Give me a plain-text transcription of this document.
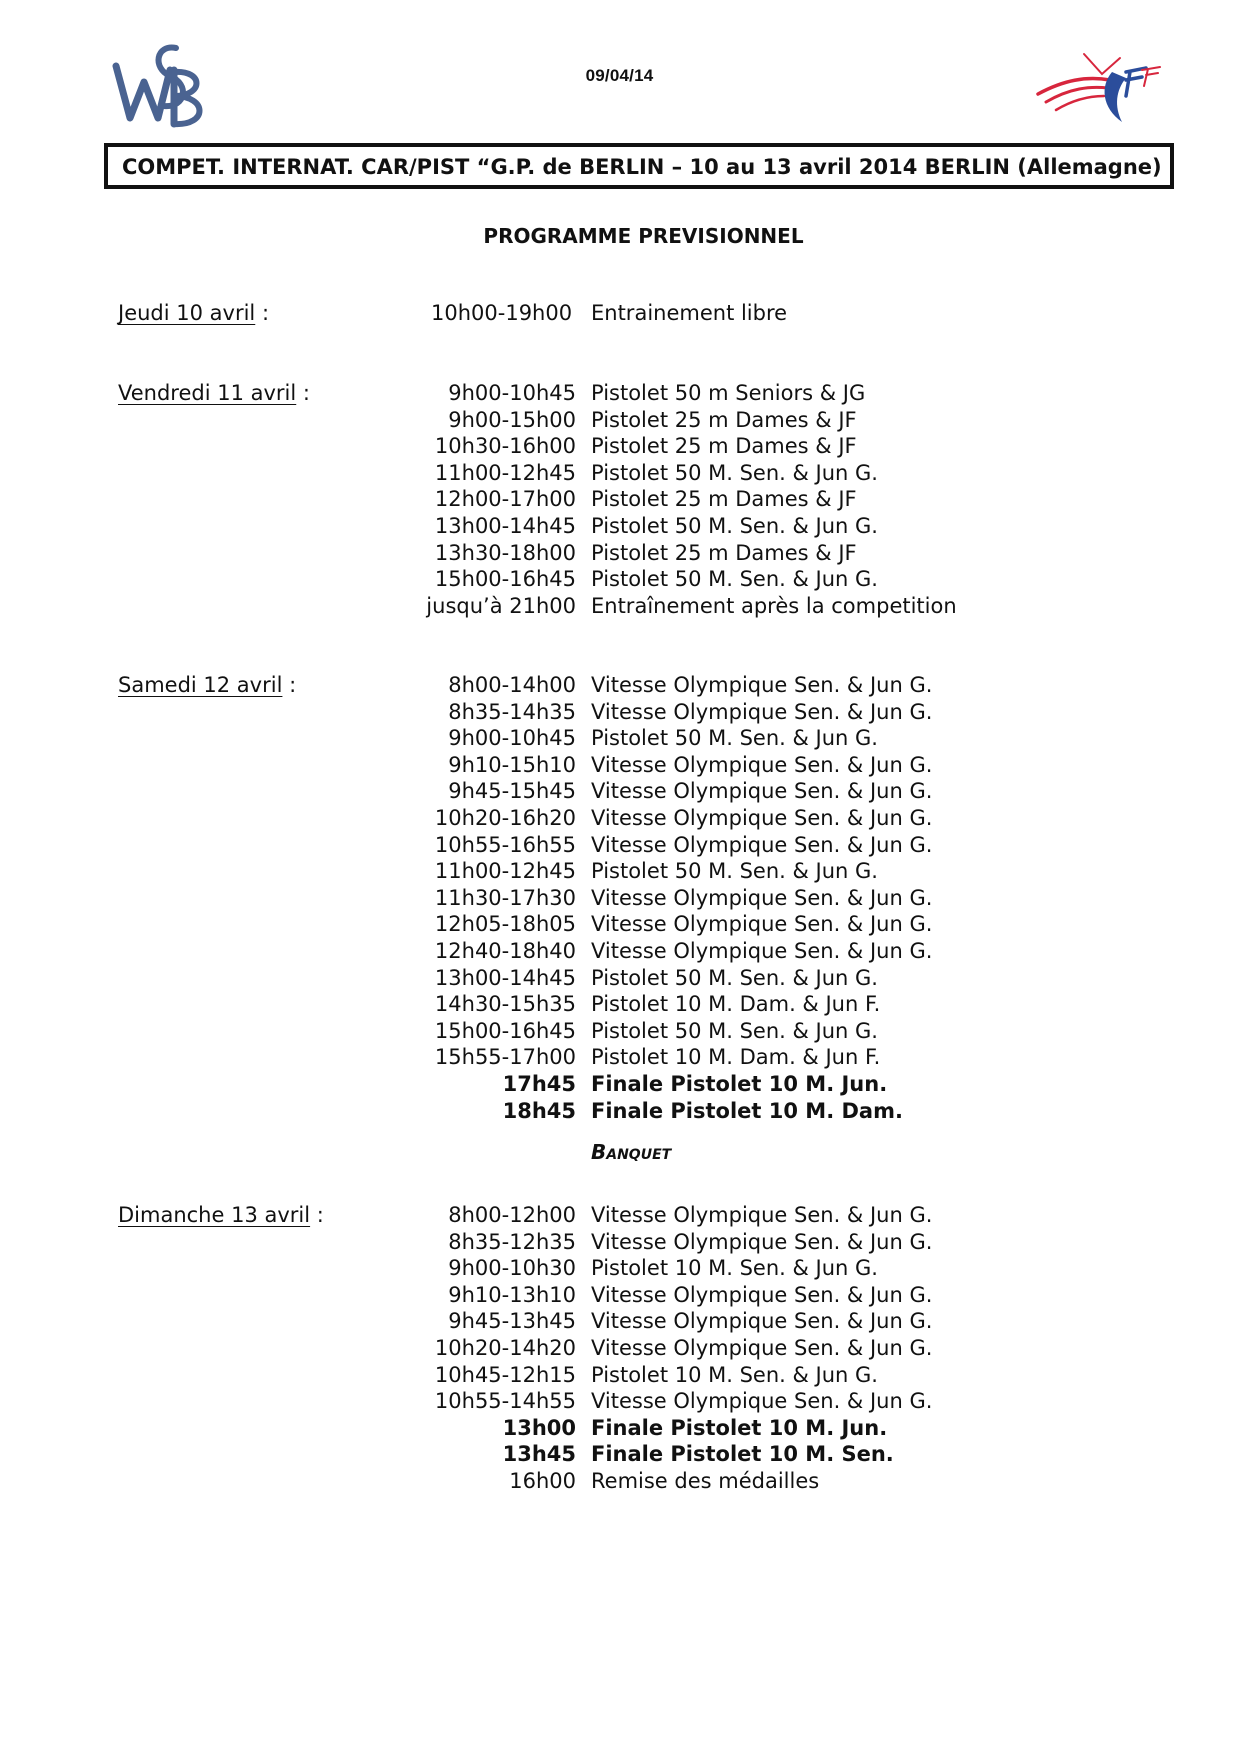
09/04/14
COMPET. INTERNAT. CAR/PIST “G.P. de BERLIN – 10 au 13 avril 2014 BERLIN (Allemagne)
PROGRAMME PREVISIONNEL
Jeudi 10 avril :	10h00-19h00 Entrainement libre
Vendredi 11 avril :	9h00-10h45 Pistolet 50 m Seniors & JG
9h00-15h00 Pistolet 25 m Dames & JF
10h30-16h00 Pistolet 25 m Dames & JF
11h00-12h45 Pistolet 50 M. Sen. & Jun G.
12h00-17h00 Pistolet 25 m Dames & JF
13h00-14h45 Pistolet 50 M. Sen. & Jun G.
13h30-18h00 Pistolet 25 m Dames & JF
15h00-16h45 Pistolet 50 M. Sen. & Jun G.
jusqu’à 21h00 Entraînement après la competition
Samedi 12 avril :	8h00-14h00 Vitesse Olympique Sen. & Jun G.
8h35-14h35 Vitesse Olympique Sen. & Jun G.
9h00-10h45 Pistolet 50 M. Sen. & Jun G.
9h10-15h10 Vitesse Olympique Sen. & Jun G.
9h45-15h45 Vitesse Olympique Sen. & Jun G.
10h20-16h20 Vitesse Olympique Sen. & Jun G.
10h55-16h55 Vitesse Olympique Sen. & Jun G.
11h00-12h45 Pistolet 50 M. Sen. & Jun G.
11h30-17h30 Vitesse Olympique Sen. & Jun G.
12h05-18h05 Vitesse Olympique Sen. & Jun G.
12h40-18h40 Vitesse Olympique Sen. & Jun G.
13h00-14h45 Pistolet 50 M. Sen. & Jun G.
14h30-15h35 Pistolet 10 M. Dam. & Jun F.
15h00-16h45 Pistolet 50 M. Sen. & Jun G.
15h55-17h00 Pistolet 10 M. Dam. & Jun F.
17h45 Finale Pistolet 10 M. Jun.
18h45 Finale Pistolet 10 M. Dam.
Banquet
Dimanche 13 avril :	8h00-12h00 Vitesse Olympique Sen. & Jun G.
8h35-12h35 Vitesse Olympique Sen. & Jun G.
9h00-10h30 Pistolet 10 M. Sen. & Jun G.
9h10-13h10 Vitesse Olympique Sen. & Jun G.
9h45-13h45 Vitesse Olympique Sen. & Jun G.
10h20-14h20 Vitesse Olympique Sen. & Jun G.
10h45-12h15 Pistolet 10 M. Sen. & Jun G.
10h55-14h55 Vitesse Olympique Sen. & Jun G.
13h00 Finale Pistolet 10 M. Jun.
13h45 Finale Pistolet 10 M. Sen.
16h00 Remise des médailles
